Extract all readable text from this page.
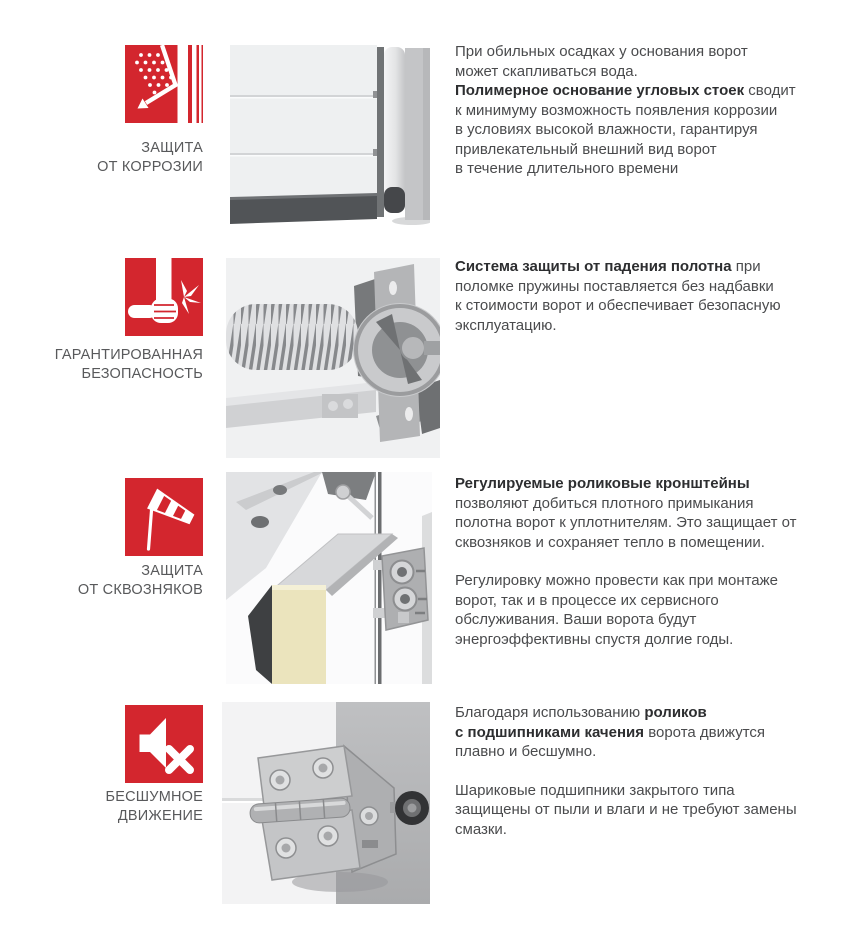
ЗАЩИТА
ОТ КОРРОЗИИ

При обильных осадках у основания ворот
может скапливаться вода.
Полимерное основание угловых стоек сводит
к минимуму возможность появления коррозии
в условиях высокой влажности, гарантируя
привлекательный внешний вид ворот
в течение длительного времени

ГАРАНТИРОВАННАЯ
БЕЗОПАСНОСТЬ

Система защиты от падения полотна при
поломке пружины поставляется без надбавки
к стоимости ворот и обеспечивает безопасную
эксплуатацию.

ЗАЩИТА
ОТ СКВОЗНЯКОВ

Регулируемые роликовые кронштейны
позволяют добиться плотного примыкания
полотна ворот к уплотнителям. Это защищает от
сквозняков и сохраняет тепло в помещении.

Регулировку можно провести как при монтаже
ворот, так и в процессе их сервисного
обслуживания. Ваши ворота будут
энергоэффективны спустя долгие годы.

БЕСШУМНОЕ
ДВИЖЕНИЕ

Благодаря использованию роликов
с подшипниками качения ворота движутся
плавно и бесшумно.

Шариковые подшипники закрытого типа
защищены от пыли и влаги и не требуют замены
смазки.
